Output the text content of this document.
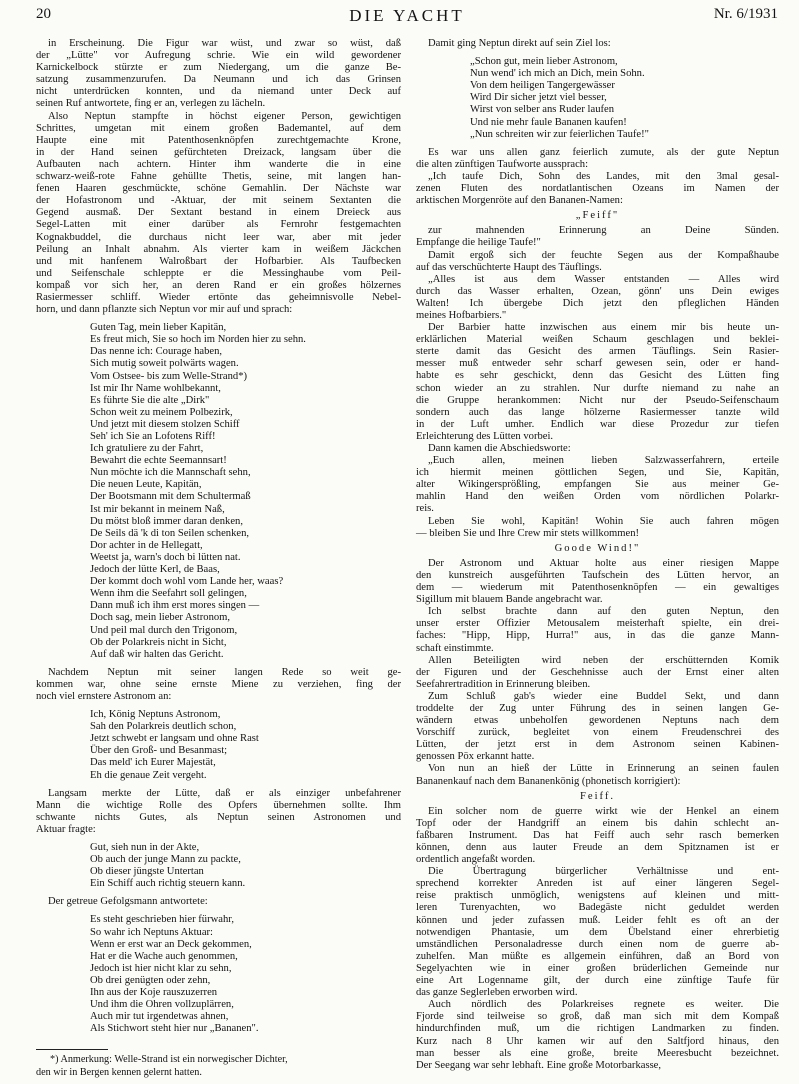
20	DIE YACHT	Nr. 6/1931
in Erscheinung. Die Figur war wüst, und zwar so wüst, daß
der „Lütte" vor Aufregung schrie. Wie ein wild gewordener
Karnickelbock stürzte er zum Niedergang, um die ganze Be-
satzung zusammenzurufen. Da Neumann und ich das Grinsen
nicht unterdrücken konnten, und da niemand unter Deck auf
seinen Ruf antwortete, fing er an, verlegen zu lächeln.
Also Neptun stampfte in höchst eigener Person, gewichtigen
Schrittes, umgetan mit einem großen Bademantel, auf dem
Haupte eine mit Patenthosenknöpfen zurechtgemachte Krone,
in der Hand seinen gefürchteten Dreizack, langsam über die
Aufbauten nach achtern. Hinter ihm wanderte die in eine
schwarz-weiß-rote Fahne gehüllte Thetis, seine, mit langen han-
fenen Haaren geschmückte, schöne Gemahlin. Der Nächste war
der Hofastronom und -Aktuar, der mit seinem Sextanten die
Gegend ausmaß. Der Sextant bestand in einem Dreieck aus
Segel-Latten mit einer darüber als Fernrohr festgemachten
Kognakbuddel, die durchaus nicht leer war, aber mit jeder
Peilung an Inhalt abnahm. Als vierter kam in weißem Jäckchen
und mit hanfenem Walroßbart der Hofbarbier. Als Taufbecken
und Seifenschale schleppte er die Messinghaube vom Peil-
kompaß vor sich her, an deren Rand er ein großes hölzernes
Rasiermesser schliff. Wieder ertönte das geheimnisvolle Nebel-
horn, und dann pflanzte sich Neptun vor mir auf und sprach:
Guten Tag, mein lieber Kapitän,
Es freut mich, Sie so hoch im Norden hier zu sehn.
Das nenne ich: Courage haben,
Sich mutig soweit polwärts wagen.
Vom Ostsee- bis zum Welle-Strand*)
Ist mir Ihr Name wohlbekannt,
Es führte Sie die alte „Dirk"
Schon weit zu meinem Polbezirk,
Und jetzt mit diesem stolzen Schiff
Seh' ich Sie an Lofotens Riff!
Ich gratuliere zu der Fahrt,
Bewahrt die echte Seemannsart!
Nun möchte ich die Mannschaft sehn,
Die neuen Leute, Kapitän,
Der Bootsmann mit dem Schultermaß
Ist mir bekannt in meinem Naß,
Du mötst bloß immer daran denken,
De Seils dä 'k di ton Seilen schenken,
Dor achter in de Hellegatt,
Weetst ja, warn's doch bi lütten nat.
Jedoch der lütte Kerl, de Baas,
Der kommt doch wohl vom Lande her, waas?
Wenn ihm die Seefahrt soll gelingen,
Dann muß ich ihm erst mores singen —
Doch sag, mein lieber Astronom,
Und peil mal durch den Trigonom,
Ob der Polarkreis nicht in Sicht,
Auf daß wir halten das Gericht.
Nachdem Neptun mit seiner langen Rede so weit ge-
kommen war, ohne seine ernste Miene zu verziehen, fing der
noch viel ernstere Astronom an:
Ich, König Neptuns Astronom,
Sah den Polarkreis deutlich schon,
Jetzt schwebt er langsam und ohne Rast
Über den Groß- und Besanmast;
Das meld' ich Eurer Majestät,
Eh die genaue Zeit vergeht.
Langsam merkte der Lütte, daß er als einziger unbefahrener
Mann die wichtige Rolle des Opfers übernehmen sollte. Ihm
schwante nichts Gutes, als Neptun seinen Astronomen und
Aktuar fragte:
Gut, sieh nun in der Akte,
Ob auch der junge Mann zu packte,
Ob dieser jüngste Untertan
Ein Schiff auch richtig steuern kann.
Der getreue Gefolgsmann antwortete:
Es steht geschrieben hier fürwahr,
So wahr ich Neptuns Aktuar:
Wenn er erst war an Deck gekommen,
Hat er die Wache auch genommen,
Jedoch ist hier nicht klar zu sehn,
Ob drei genügten oder zehn,
Ihn aus der Koje rauszuzerren
Und ihm die Ohren vollzuplärren,
Auch mir tut irgendetwas ahnen,
Als Stichwort steht hier nur „Bananen".
*) Anmerkung: Welle-Strand ist ein norwegischer Dichter,
den wir in Bergen kennen gelernt hatten.
Damit ging Neptun direkt auf sein Ziel los:
„Schon gut, mein lieber Astronom,
Nun wend' ich mich an Dich, mein Sohn.
Von dem heiligen Tangergewässer
Wird Dir sicher jetzt viel besser,
Wirst von selber ans Ruder laufen
Und nie mehr faule Bananen kaufen!
„Nun schreiten wir zur feierlichen Taufe!"
Es war uns allen ganz feierlich zumute, als der gute Neptun
die alten zünftigen Taufworte aussprach:
„Ich taufe Dich, Sohn des Landes, mit den 3mal gesal-
zenen Fluten des nordatlantischen Ozeans im Namen der
arktischen Morgenröte auf den Bananen-Namen:
„Feiff"
zur mahnenden Erinnerung an Deine Sünden.
Empfange die heilige Taufe!"
Damit ergoß sich der feuchte Segen aus der Kompaßhaube
auf das verschüchterte Haupt des Täuflings.
„Alles ist aus dem Wasser entstanden — Alles wird
durch das Wasser erhalten, Ozean, gönn' uns Dein ewiges
Walten! Ich übergebe Dich jetzt den pfleglichen Händen
meines Hofbarbiers."
Der Barbier hatte inzwischen aus einem mir bis heute un-
erklärlichen Material weißen Schaum geschlagen und beklei-
sterte damit das Gesicht des armen Täuflings. Sein Rasier-
messer muß entweder sehr scharf gewesen sein, oder er hand-
habte es sehr geschickt, denn das Gesicht des Lütten fing
schon wieder an zu strahlen. Nur durfte niemand zu nahe an
die Gruppe herankommen: Nicht nur der Pseudo-Seifenschaum
sondern auch das lange hölzerne Rasiermesser tanzte wild
in der Luft umher. Endlich war diese Prozedur zur tiefen
Erleichterung des Lütten vorbei.
Dann kamen die Abschiedsworte:
„Euch allen, meinen lieben Salzwasserfahrern, erteile
ich hiermit meinen göttlichen Segen, und Sie, Kapitän,
alter Wikingersprößling, empfangen Sie aus meiner Ge-
mahlin Hand den weißen Orden vom nördlichen Polarkr-
reis.
Leben Sie wohl, Kapitän! Wohin Sie auch fahren mögen
— bleiben Sie und Ihre Crew mir stets willkommen!
Goode Wind!"
Der Astronom und Aktuar holte aus einer riesigen Mappe
den kunstreich ausgeführten Taufschein des Lütten hervor, an
dem — wiederum mit Patenthosenknöpfen — ein gewaltiges
Sigillum mit blauem Bande angebracht war.
Ich selbst brachte dann auf den guten Neptun, den
unser erster Offizier Metousalem meisterhaft spielte, ein drei-
faches: "Hipp, Hipp, Hurra!" aus, in das die ganze Mann-
schaft einstimmte.
Allen Beteiligten wird neben der erschütternden Komik
der Figuren und der Geschehnisse auch der Ernst einer alten
Seefahrertradition in Erinnerung bleiben.
Zum Schluß gab's wieder eine Buddel Sekt, und dann
troddelte der Zug unter Führung des in seinen langen Ge-
wändern etwas unbeholfen gewordenen Neptuns nach dem
Vorschiff zurück, begleitet von einem Freudenschrei des
Lütten, der jetzt erst in dem Astronom seinen Kabinen-
genossen Pöx erkannt hatte.
Von nun an hieß der Lütte in Erinnerung an seinen faulen
Bananenkauf nach dem Bananenkönig (phonetisch korrigiert):
Feiff.
Ein solcher nom de guerre wirkt wie der Henkel an einem
Topf oder der Handgriff an einem bis dahin schlecht an-
faßbaren Instrument. Das hat Feiff auch sehr rasch bemerken
können, denn aus lauter Freude an dem Spitznamen ist er
ordentlich angefaßt worden.
Die Übertragung bürgerlicher Verhältnisse und ent-
sprechend korrekter Anreden ist auf einer längeren Segel-
reise praktisch unmöglich, wenigstens auf kleinen und mitt-
leren Turenyachten, wo Badegäste nicht geduldet werden
können und jeder zufassen muß. Leider fehlt es oft an der
notwendigen Phantasie, um dem Übelstand einer ehrerbietig
umständlichen Personaladresse durch einen nom de guerre ab-
zuhelfen. Man müßte es allgemein einführen, daß an Bord von
Segelyachten wie in einer großen brüderlichen Gemeinde nur
eine Art Logenname gilt, der durch eine zünftige Taufe für
das ganze Seglerleben erworben wird.
Auch nördlich des Polarkreises regnete es weiter. Die
Fjorde sind teilweise so groß, daß man sich mit dem Kompaß
hindurchfinden muß, um die richtigen Landmarken zu finden.
Kurz nach 8 Uhr kamen wir auf den Saltfjord hinaus, den
man besser als eine große, breite Meeresbucht bezeichnet.
Der Seegang war sehr lebhaft. Eine große Motorbarkasse,
